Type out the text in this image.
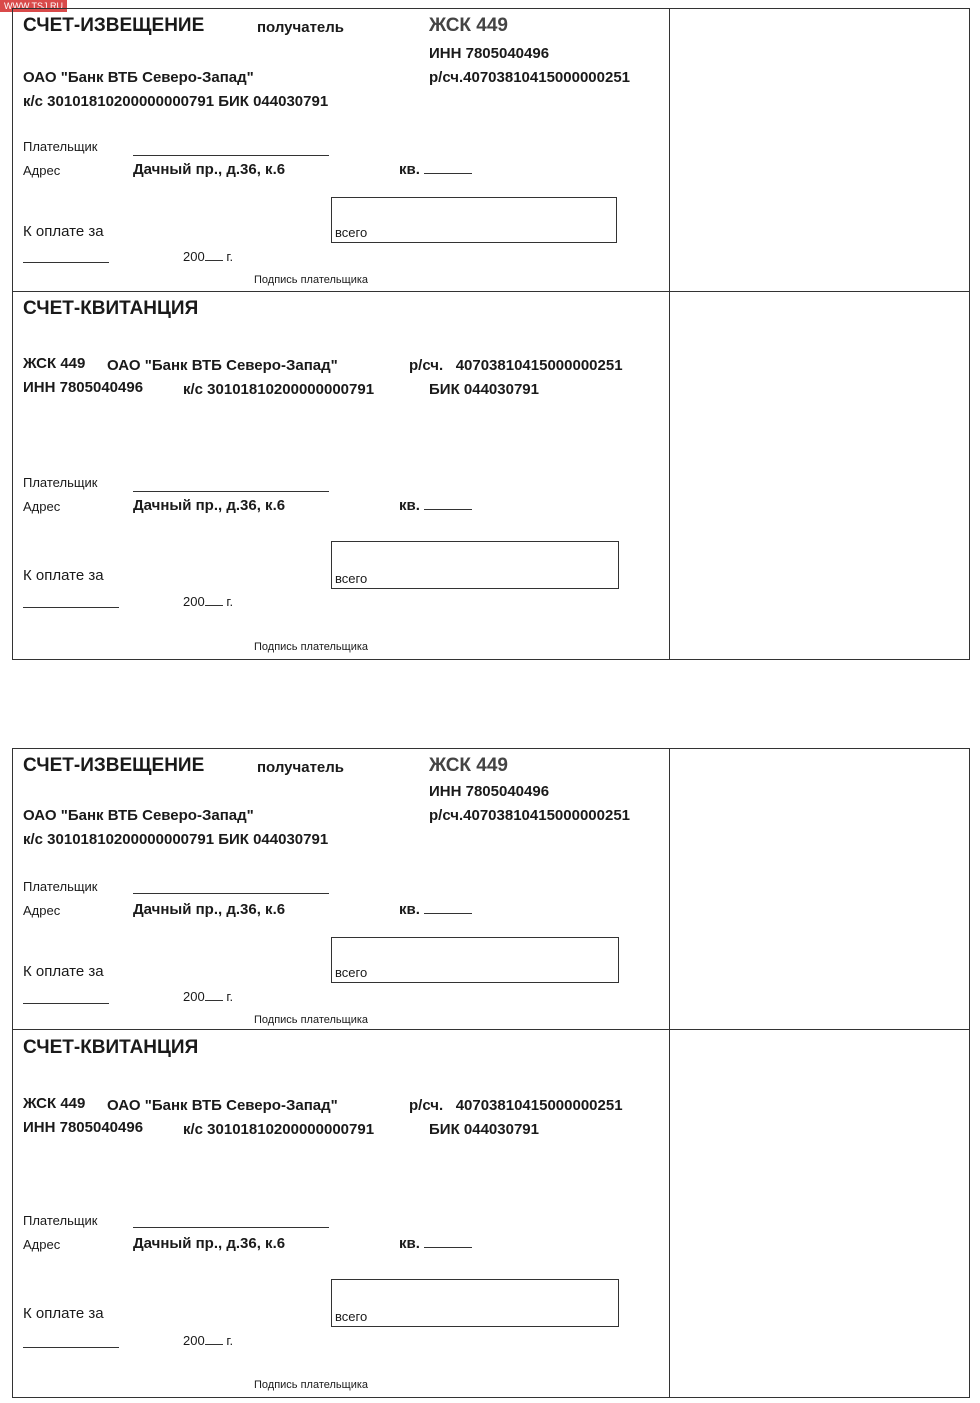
WWW.TSJ.RU
СЧЕТ-ИЗВЕЩЕНИЕ	получатель	ЖСК 449
ИНН 7805040496
р/сч.40703810415000000251
ОАО "Банк ВТБ Северо-Запад"
к/с 30101810200000000791 БИК 044030791
Плательщик
Адрес	Дачный пр., д.36, к.6	кв.
всего
К оплате за
200 г.
Подпись плательщика
СЧЕТ-КВИТАНЦИЯ
ЖСК 449 ОАО "Банк ВТБ Северо-Запад"	р/сч. 40703810415000000251
ИНН 7805040496	к/с 30101810200000000791	БИК 044030791
Плательщик
Адрес	Дачный пр., д.36, к.6	кв.
всего
К оплате за
200 г.
Подпись плательщика
СЧЕТ-ИЗВЕЩЕНИЕ	получатель	ЖСК 449
ИНН 7805040496
р/сч.40703810415000000251
ОАО "Банк ВТБ Северо-Запад"
к/с 30101810200000000791 БИК 044030791
Плательщик
Адрес	Дачный пр., д.36, к.6	кв.
всего
К оплате за
200 г.
Подпись плательщика
СЧЕТ-КВИТАНЦИЯ
ЖСК 449 ОАО "Банк ВТБ Северо-Запад"	р/сч. 40703810415000000251
ИНН 7805040496	к/с 30101810200000000791	БИК 044030791
Плательщик
Адрес	Дачный пр., д.36, к.6	кв.
всего
К оплате за
200 г.
Подпись плательщика
